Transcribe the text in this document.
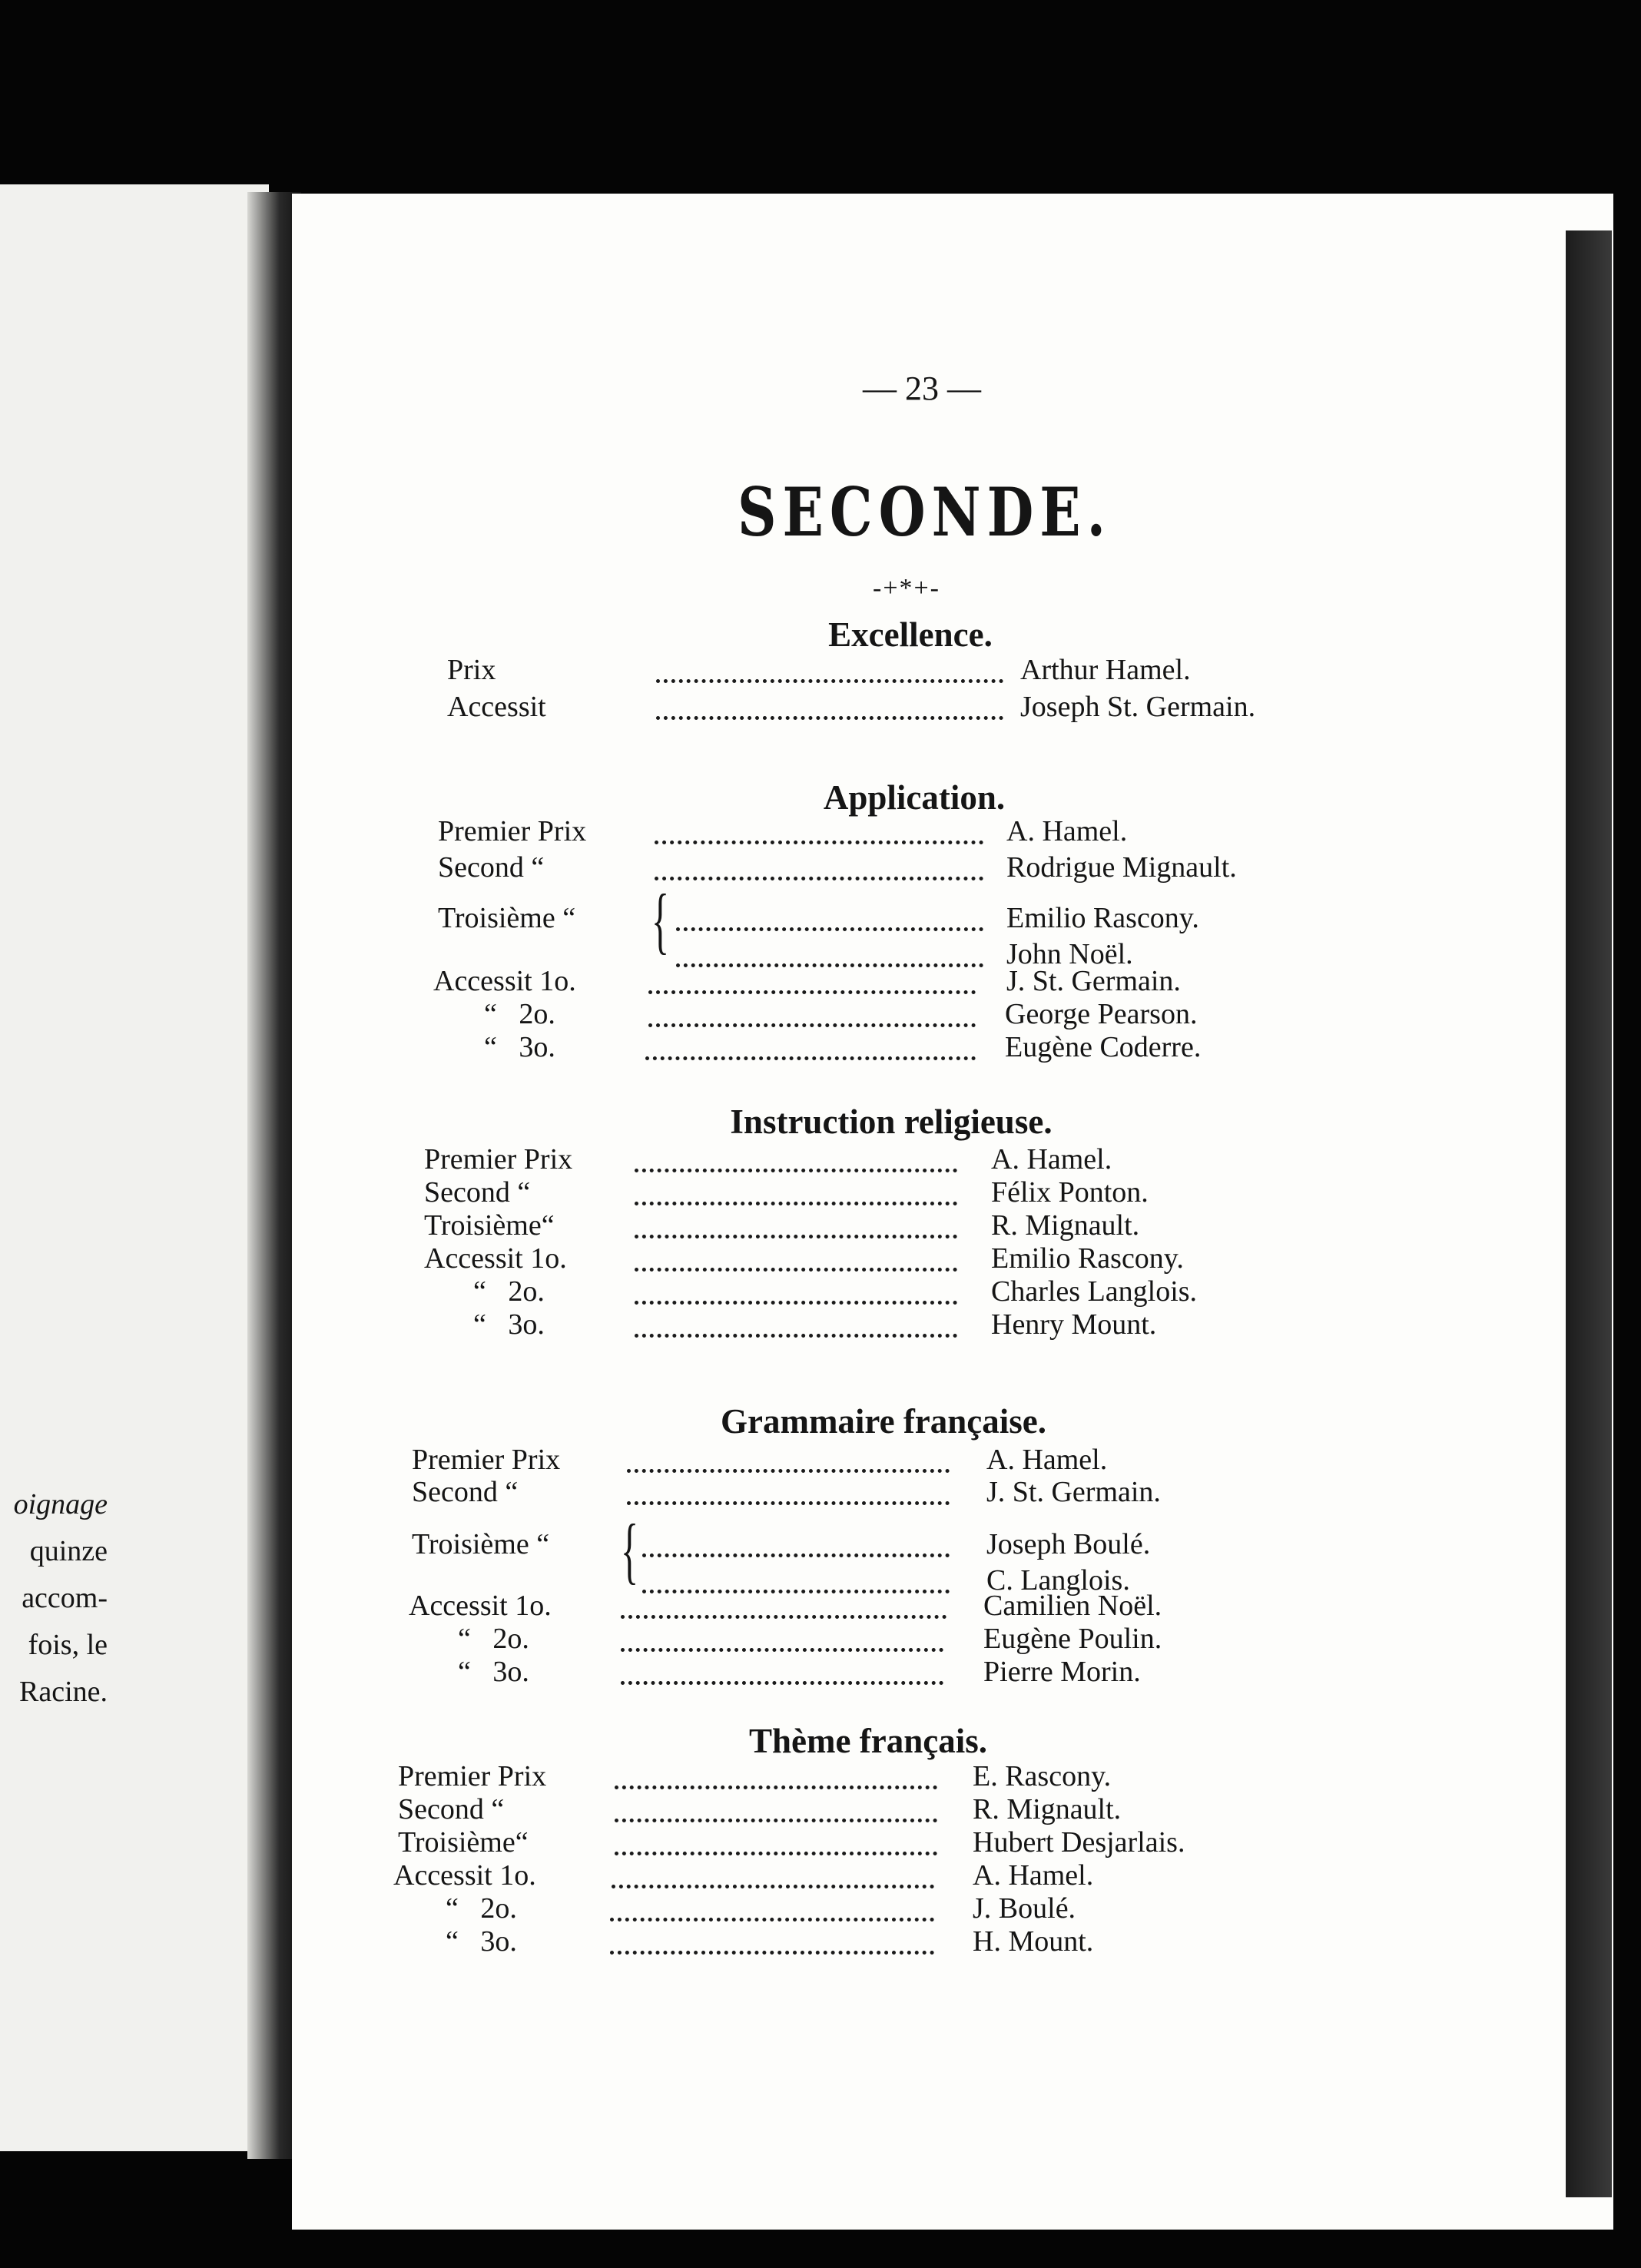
oignage
quinze
accom-
fois, le
Racine.
— 23 —
SECONDE.
-+*+-
Excellence.
Prix	Arthur Hamel.
Accessit	Joseph St. Germain.
Application.
Premier Prix	A. Hamel.
Second “	Rodrigue Mignault.
{
Troisième “	Emilio Rascony.
John Noël.
Accessit 1o.	J. St. Germain.
“   2o.	George Pearson.
“   3o.	Eugène Coderre.
Instruction religieuse.
Premier Prix	A. Hamel.
Second “	Félix Ponton.
Troisième“	R. Mignault.
Accessit 1o.	Emilio Rascony.
“   2o.	Charles Langlois.
“   3o.	Henry Mount.
Grammaire française.
Premier Prix	A. Hamel.
Second “	J. St. Germain.
{
Troisième “	Joseph Boulé.
C. Langlois.
Accessit 1o.	Camilien Noël.
“   2o.	Eugène Poulin.
“   3o.	Pierre Morin.
Thème français.
Premier Prix	E. Rascony.
Second “	R. Mignault.
Troisième“	Hubert Desjarlais.
Accessit 1o.	A. Hamel.
“   2o.	J. Boulé.
“   3o.	H. Mount.
